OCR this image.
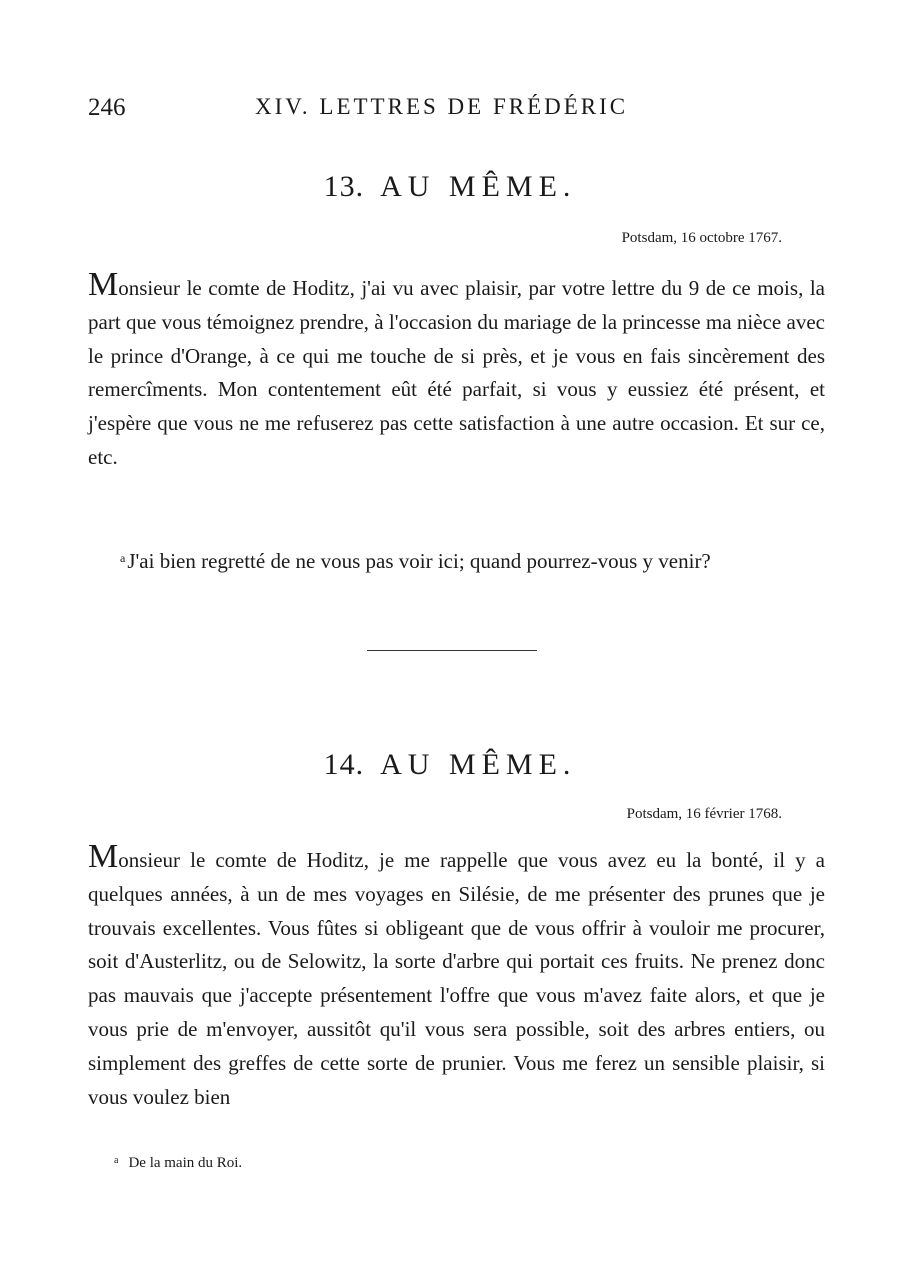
246	XIV. LETTRES DE FRÉDÉRIC
13. AU MÊME.
Potsdam, 16 octobre 1767.

Monsieur le comte de Hoditz, j'ai vu avec plaisir, par votre lettre du 9 de ce mois, la part que vous témoignez prendre, à l'occasion du mariage de la princesse ma nièce avec le prince d'Orange, à ce qui me touche de si près, et je vous en fais sincèrement des remercîments. Mon contentement eût été parfait, si vous y eussiez été présent, et j'espère que vous ne me refuserez pas cette satisfaction à une autre occasion. Et sur ce, etc.

$^a$J'ai bien regretté de ne vous pas voir ici; quand pourrez-vous y venir?

14. AU MÊME.
Potsdam, 16 février 1768.

Monsieur le comte de Hoditz, je me rappelle que vous avez eu la bonté, il y a quelques années, à un de mes voyages en Silésie, de me présenter des prunes que je trouvais excellentes. Vous fûtes si obligeant que de vous offrir à vouloir me procurer, soit d'Austerlitz, ou de Selowitz, la sorte d'arbre qui portait ces fruits. Ne prenez donc pas mauvais que j'accepte présentement l'offre que vous m'avez faite alors, et que je vous prie de m'envoyer, aussitôt qu'il vous sera possible, soit des arbres entiers, ou simplement des greffes de cette sorte de prunier. Vous me ferez un sensible plaisir, si vous voulez bien

$^a$ De la main du Roi.
